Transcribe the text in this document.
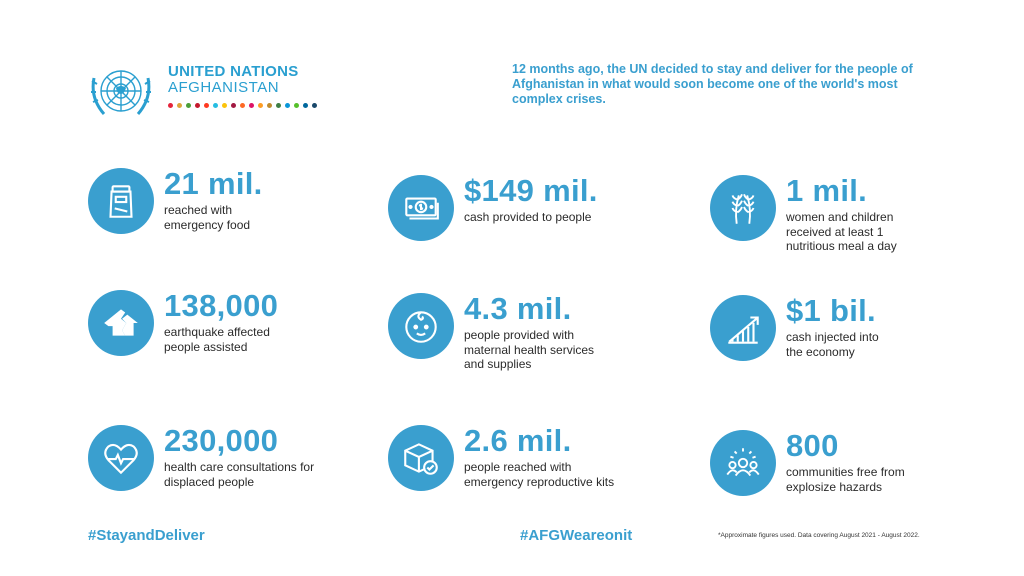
UNITED NATIONS
AFGHANISTAN
12 months ago, the UN decided to stay and deliver for the people of Afghanistan in what would soon become one of the world's most complex crises.
21 mil.
reached with emergency food
$149 mil.
cash provided to people
1 mil.
women and children received at least 1 nutritious meal a day
138,000
earthquake affected people assisted
4.3 mil.
people provided with maternal health services and supplies
$1 bil.
cash injected into the economy
230,000
health care consultations for displaced people
2.6 mil.
people reached with emergency reproductive kits
800
communities free from explosize hazards
#StayandDeliver	#AFGWeareonit	*Approximate figures used. Data covering August 2021 - August 2022.
